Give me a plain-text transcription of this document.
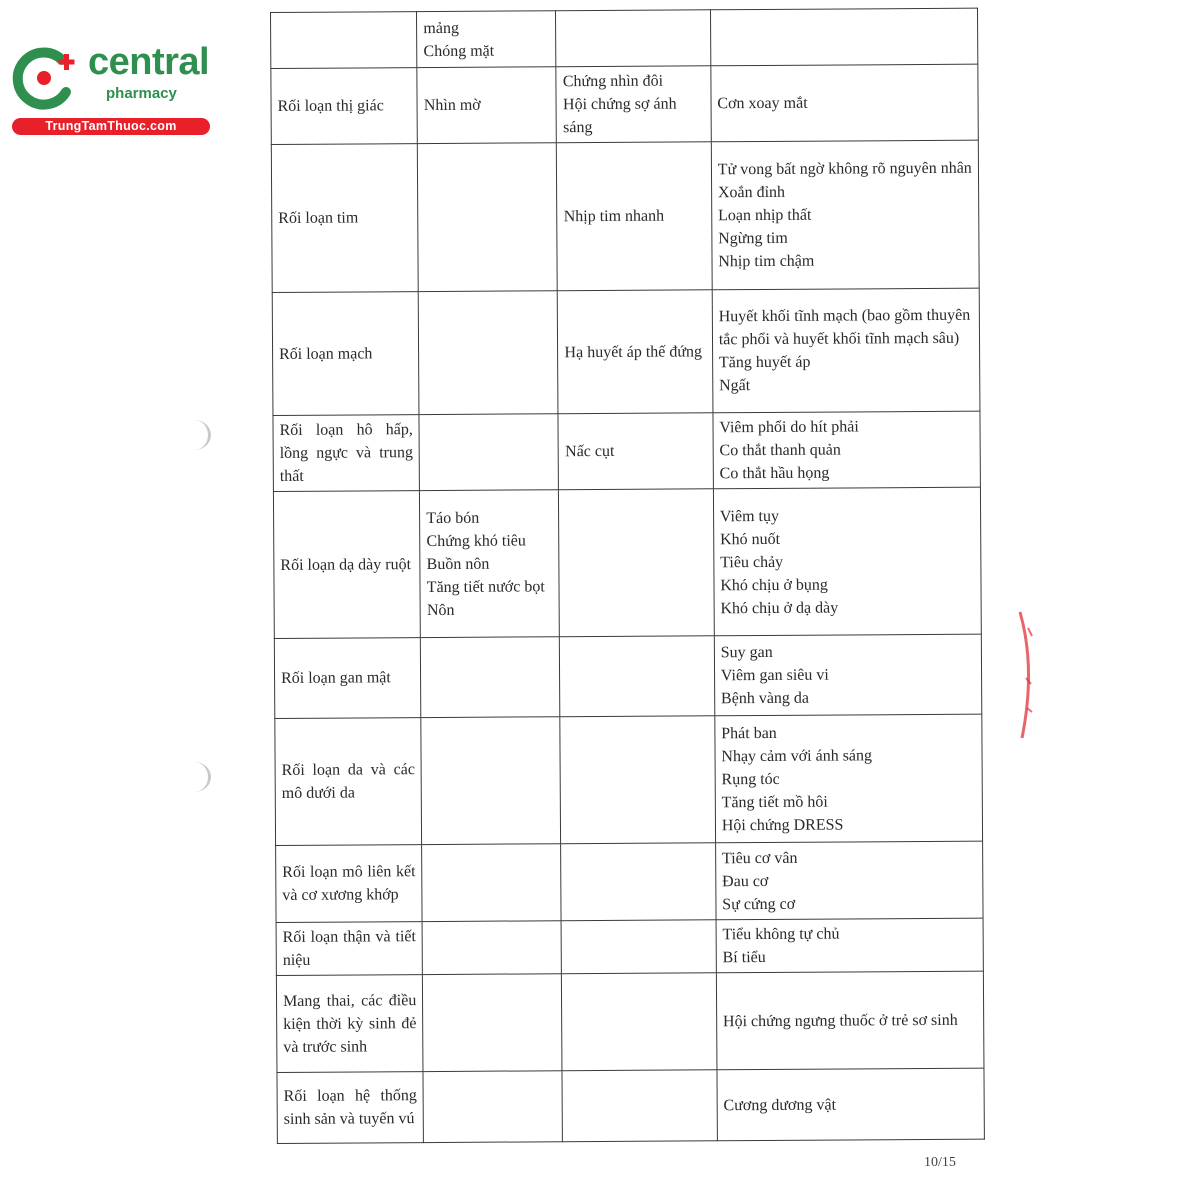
central
pharmacy
TrungTamThuoc.com

	mảng
Chóng mặt		

Rối loạn thị giác	Nhìn mờ	Chứng nhìn đôi
Hội chứng sợ ánh sáng	Cơn xoay mắt

Rối loạn tim		Nhịp tim nhanh	Tử vong bất ngờ không rõ nguyên nhân
Xoắn đỉnh
Loạn nhịp thất
Ngừng tim
Nhịp tim chậm

Rối loạn mạch		Hạ huyết áp thế đứng	Huyết khối tĩnh mạch (bao gồm thuyên tắc phổi và huyết khối tĩnh mạch sâu)
Tăng huyết áp
Ngất

Rối loạn hô hấp, lồng ngực và trung thất		Nấc cụt	Viêm phổi do hít phải
Co thắt thanh quản
Co thắt hầu họng

Rối loạn dạ dày ruột	Táo bón
Chứng khó tiêu
Buồn nôn
Tăng tiết nước bọt
Nôn		Viêm tụy
Khó nuốt
Tiêu chảy
Khó chịu ở bụng
Khó chịu ở dạ dày

Rối loạn gan mật			Suy gan
Viêm gan siêu vi
Bệnh vàng da

Rối loạn da và các mô dưới da			Phát ban
Nhạy cảm với ánh sáng
Rụng tóc
Tăng tiết mồ hôi
Hội chứng DRESS

Rối loạn mô liên kết và cơ xương khớp			Tiêu cơ vân
Đau cơ
Sự cứng cơ

Rối loạn thận và tiết niệu			Tiểu không tự chủ
Bí tiểu

Mang thai, các điều kiện thời kỳ sinh đẻ và trước sinh			Hội chứng ngưng thuốc ở trẻ sơ sinh

Rối loạn hệ thống sinh sản và tuyến vú			Cương dương vật
10/15
